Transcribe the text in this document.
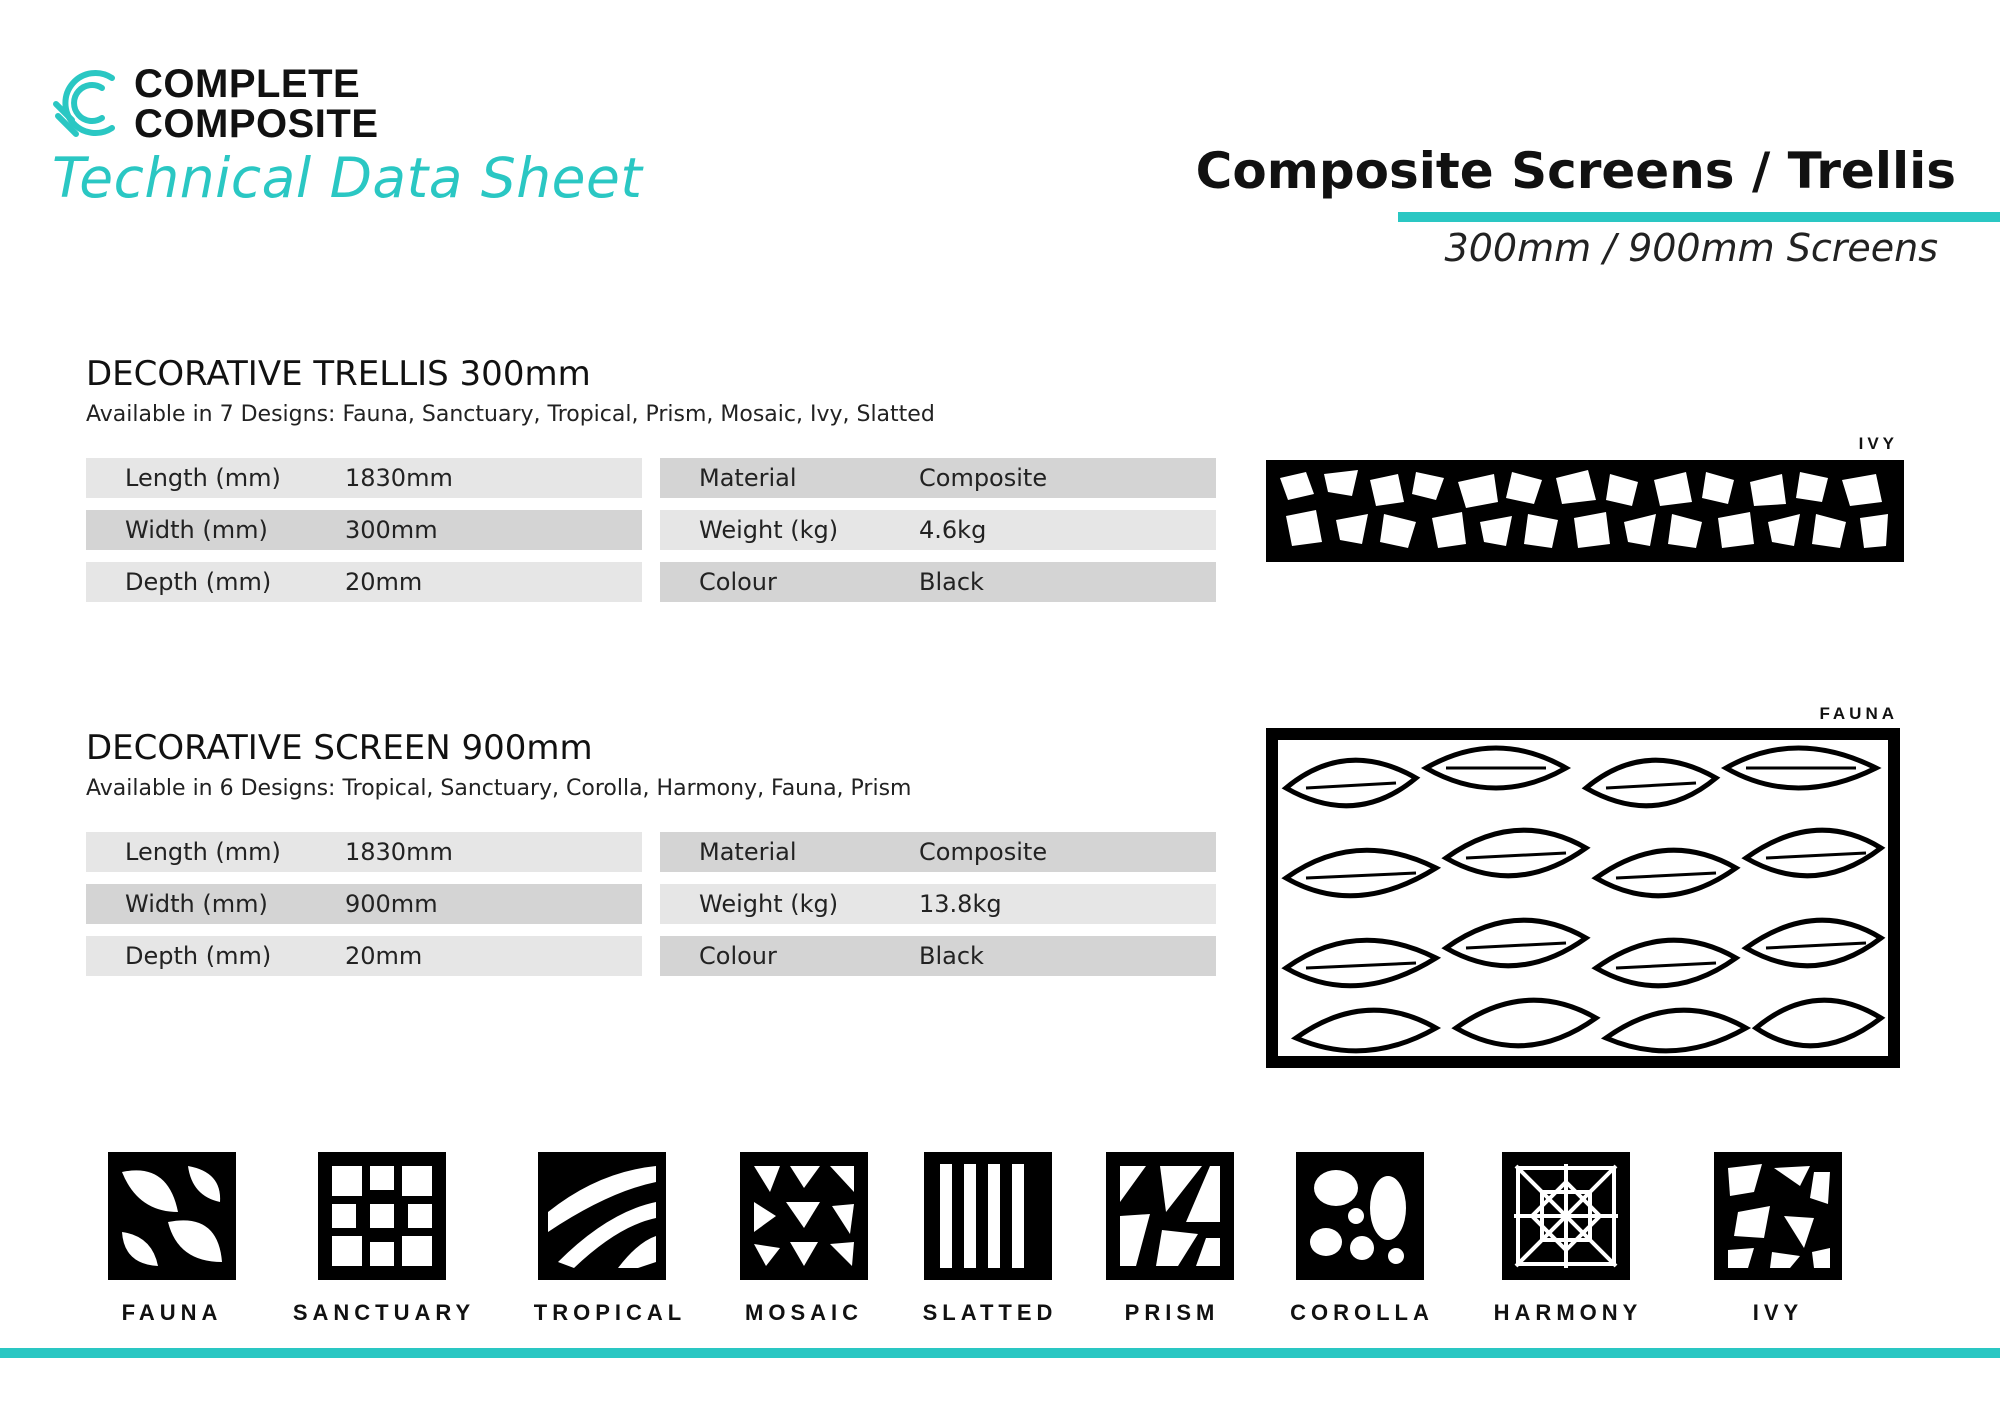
COMPLETE
COMPOSITE
Technical Data Sheet	Composite Screens / Trellis
300mm / 900mm Screens
DECORATIVE TRELLIS 300mm
Available in 7 Designs: Fauna, Sanctuary, Tropical, Prism, Mosaic, Ivy, Slatted
Length (mm)	1830mm
Width (mm)	300mm
Depth (mm)	20mm
Material	Composite
Weight (kg)	4.6kg
Colour	Black
IVY
DECORATIVE SCREEN 900mm
Available in 6 Designs: Tropical, Sanctuary, Corolla, Harmony, Fauna, Prism
Length (mm)	1830mm
Width (mm)	900mm
Depth (mm)	20mm
Material	Composite
Weight (kg)	13.8kg
Colour	Black
FAUNA
FAUNA	SANCTUARY	TROPICAL	MOSAIC	SLATTED	PRISM	COROLLA	HARMONY	IVY
